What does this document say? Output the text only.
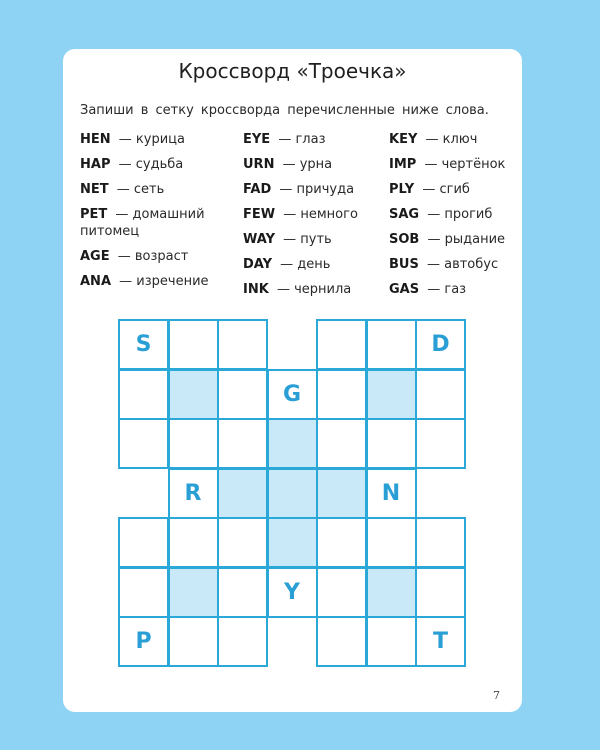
Кроссворд «Троечка»
Запиши в сетку кроссворда перечисленные ниже слова.
HEN — курица
HAP — судьба
NET — сеть
PET — домашний питомец
AGE — возраст
ANA — изречение
EYE — глаз
URN — урна
FAD — причуда
FEW — немного
WAY — путь
DAY — день
INK — чернила
KEY — ключ
IMP — чертёнок
PLY — сгиб
SAG — прогиб
SOB — рыдание
BUS — автобус
GAS — газ
S	D
G
R	N
Y
P	T
7
